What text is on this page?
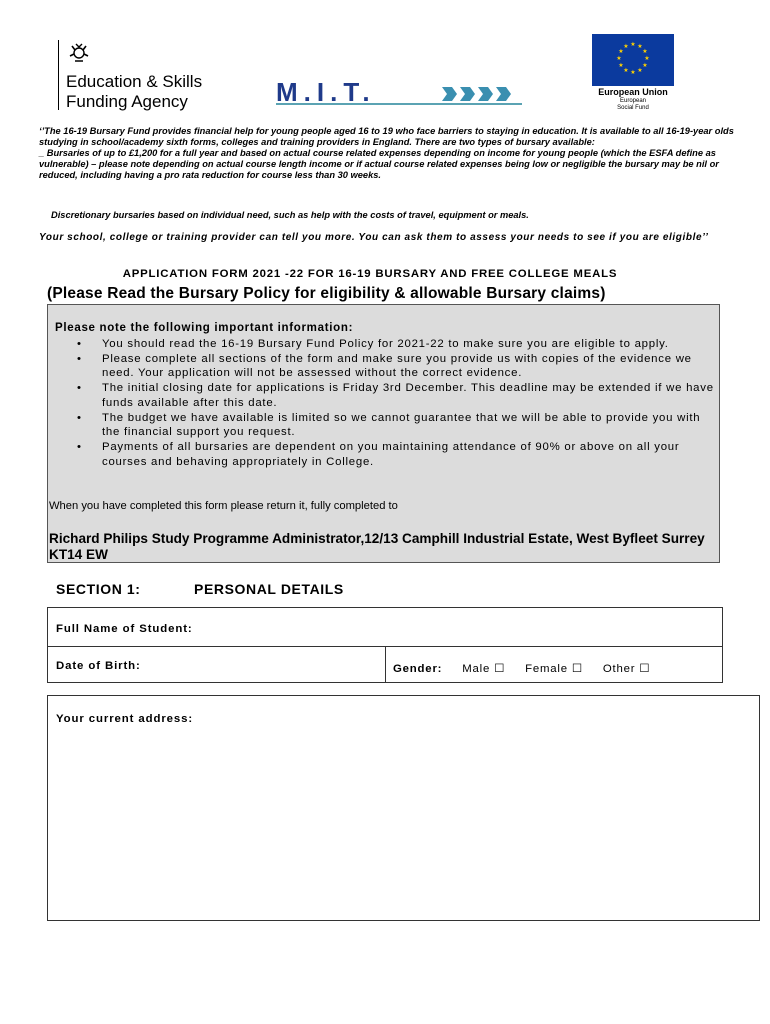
Education & Skills
Funding Agency	M.I.T.
★ ★
★
★
★
★
★
★
★
★
★
★
European Union
European
Social Fund

‘’The 16-19 Bursary Fund provides financial help for young people aged 16 to 19 who face barriers to staying in education. It is available to all 16-19-year olds studying in school/academy sixth forms, colleges and training providers in England. There are two types of bursary available:

_ Bursaries of up to £1,200 for a full year and based on actual course related expenses depending on income for young people (which the ESFA define as vulnerable) – please note depending on actual course length income or if actual course related expenses being low or negligible the bursary may be nil or reduced, including having a pro rata reduction for course less than 30 weeks.

Discretionary bursaries based on individual need, such as help with the costs of travel, equipment or meals.
Your school, college or training provider can tell you more. You can ask them to assess your needs to see if you are eligible’’
APPLICATION FORM 2021 -22 FOR 16-19 BURSARY AND FREE COLLEGE MEALS
(Please Read the Bursary Policy for eligibility & allowable Bursary claims)
Please note the following important information:
• You should read the 16-19 Bursary Fund Policy for 2021-22 to make sure you are eligible to apply.
• Please complete all sections of the form and make sure you provide us with copies of the evidence we need. Your application will not be assessed without the correct evidence.
• The initial closing date for applications is Friday 3rd December. This deadline may be extended if we have funds available after this date.
• The budget we have available is limited so we cannot guarantee that we will be able to provide you with the financial support you request.
• Payments of all bursaries are dependent on you maintaining attendance of 90% or above on all your courses and behaving appropriately in College.
When you have completed this form please return it, fully completed to
Richard Philips Study Programme Administrator,12/13 Camphill Industrial Estate, West Byfleet Surrey KT14 EW
SECTION 1:	PERSONAL DETAILS
Full Name of Student:
Date of Birth:	Gender: Male ☐ Female ☐ Other ☐
Your current address:
